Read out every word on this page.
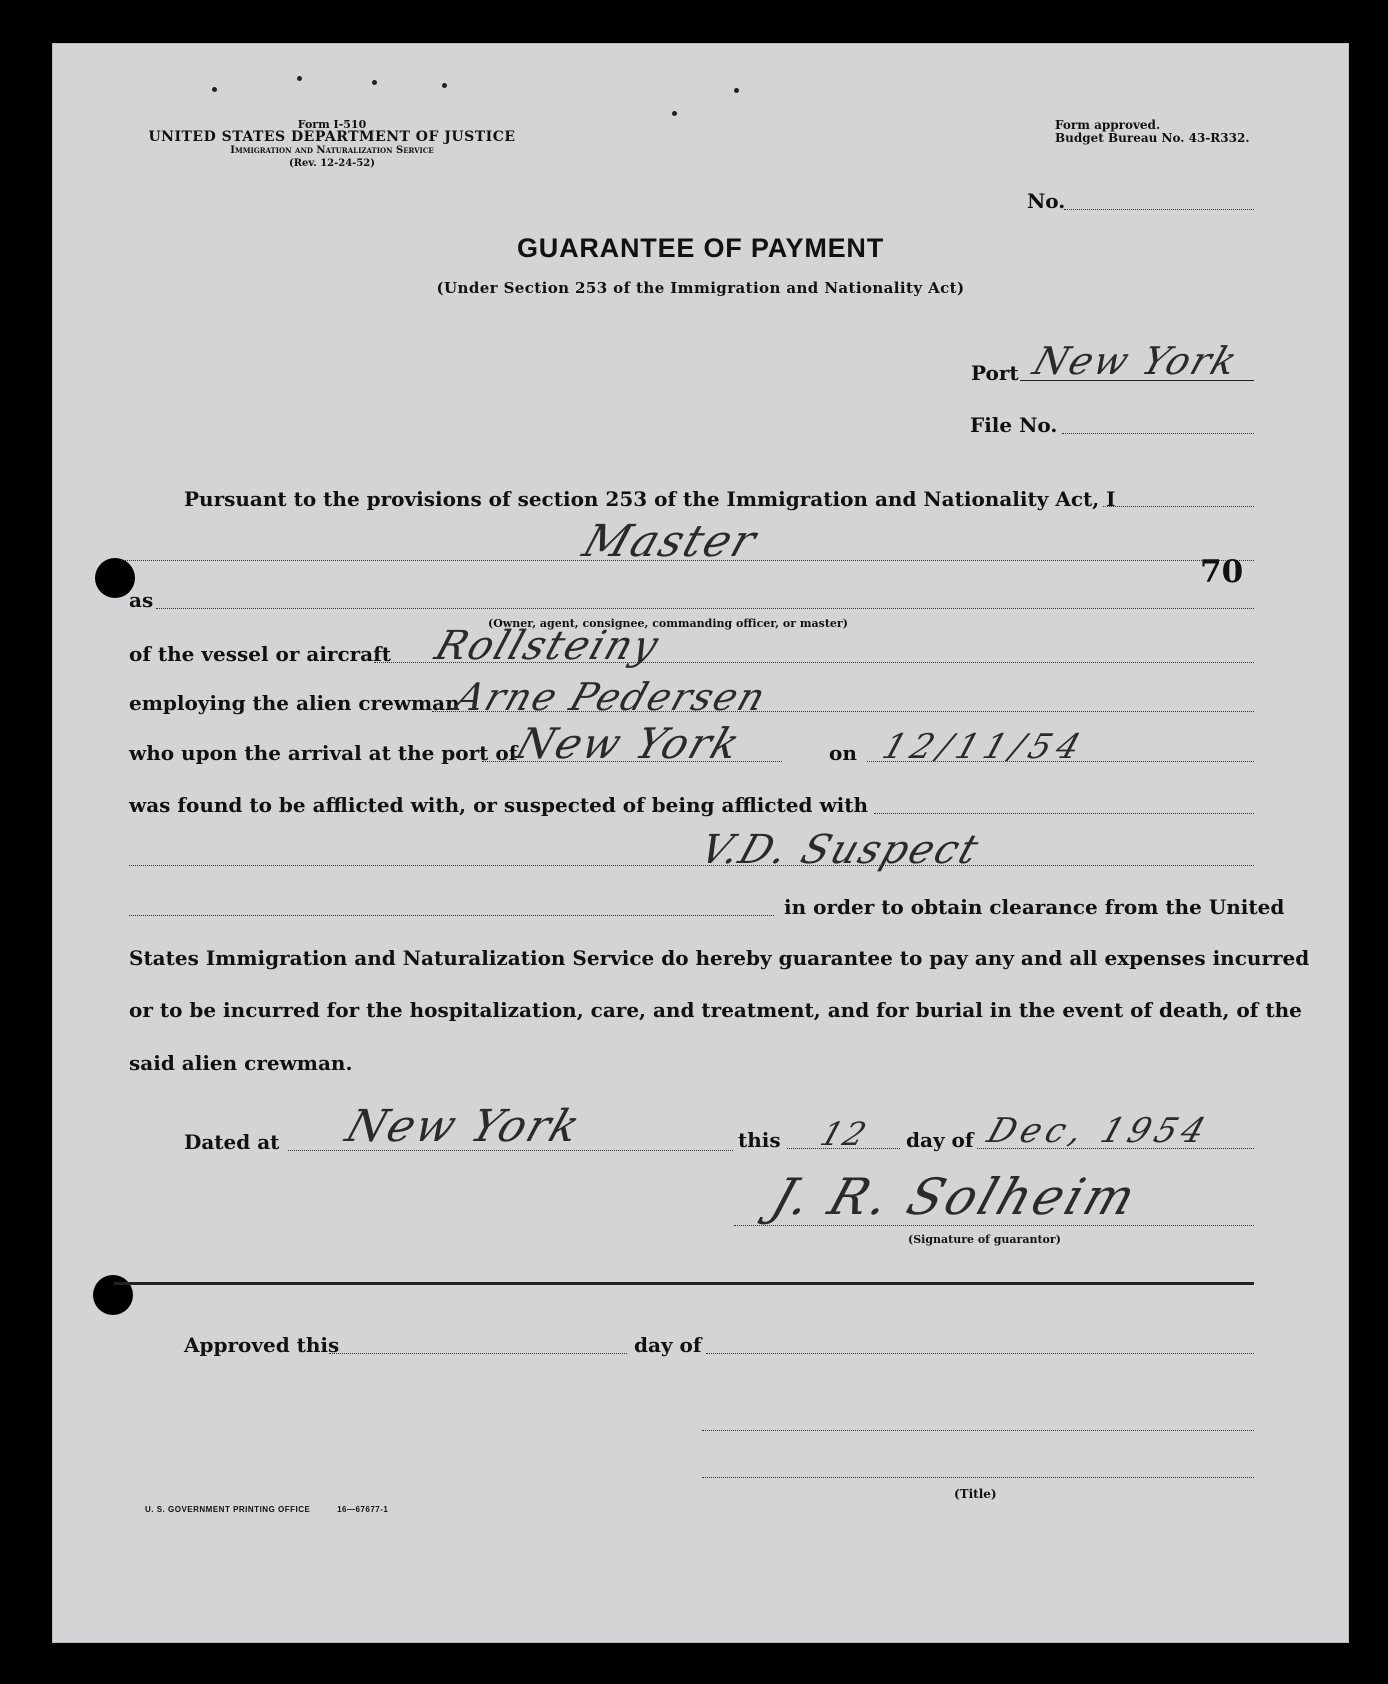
Form I-510
UNITED STATES DEPARTMENT OF JUSTICE
Immigration and Naturalization Service
(Rev. 12-24-52)
Form approved.
Budget Bureau No. 43-R332.
No.
GUARANTEE OF PAYMENT
(Under Section 253 of the Immigration and Nationality Act)
Port New York
File No.
Pursuant to the provisions of section 253 of the Immigration and Nationality Act, I
Master
70
as
(Owner, agent, consignee, commanding officer, or master)
of the vessel or aircraft Rollsteiny
employing the alien crewman
Arne Pedersen
who upon the arrival at the port of
New York	on 12/11/54
was found to be afflicted with, or suspected of being afflicted with
V.D. Suspect
in order to obtain clearance from the United
States Immigration and Naturalization Service do hereby guarantee to pay any and all expenses incurred
or to be incurred for the hospitalization, care, and treatment, and for burial in the event of death, of the
said alien crewman.
Dated at New York	this 12 day of Dec, 1954
J. R. Solheim
(Signature of guarantor)
Approved this	day of
(Title)
U. S. GOVERNMENT PRINTING OFFICE	16—67677-1
